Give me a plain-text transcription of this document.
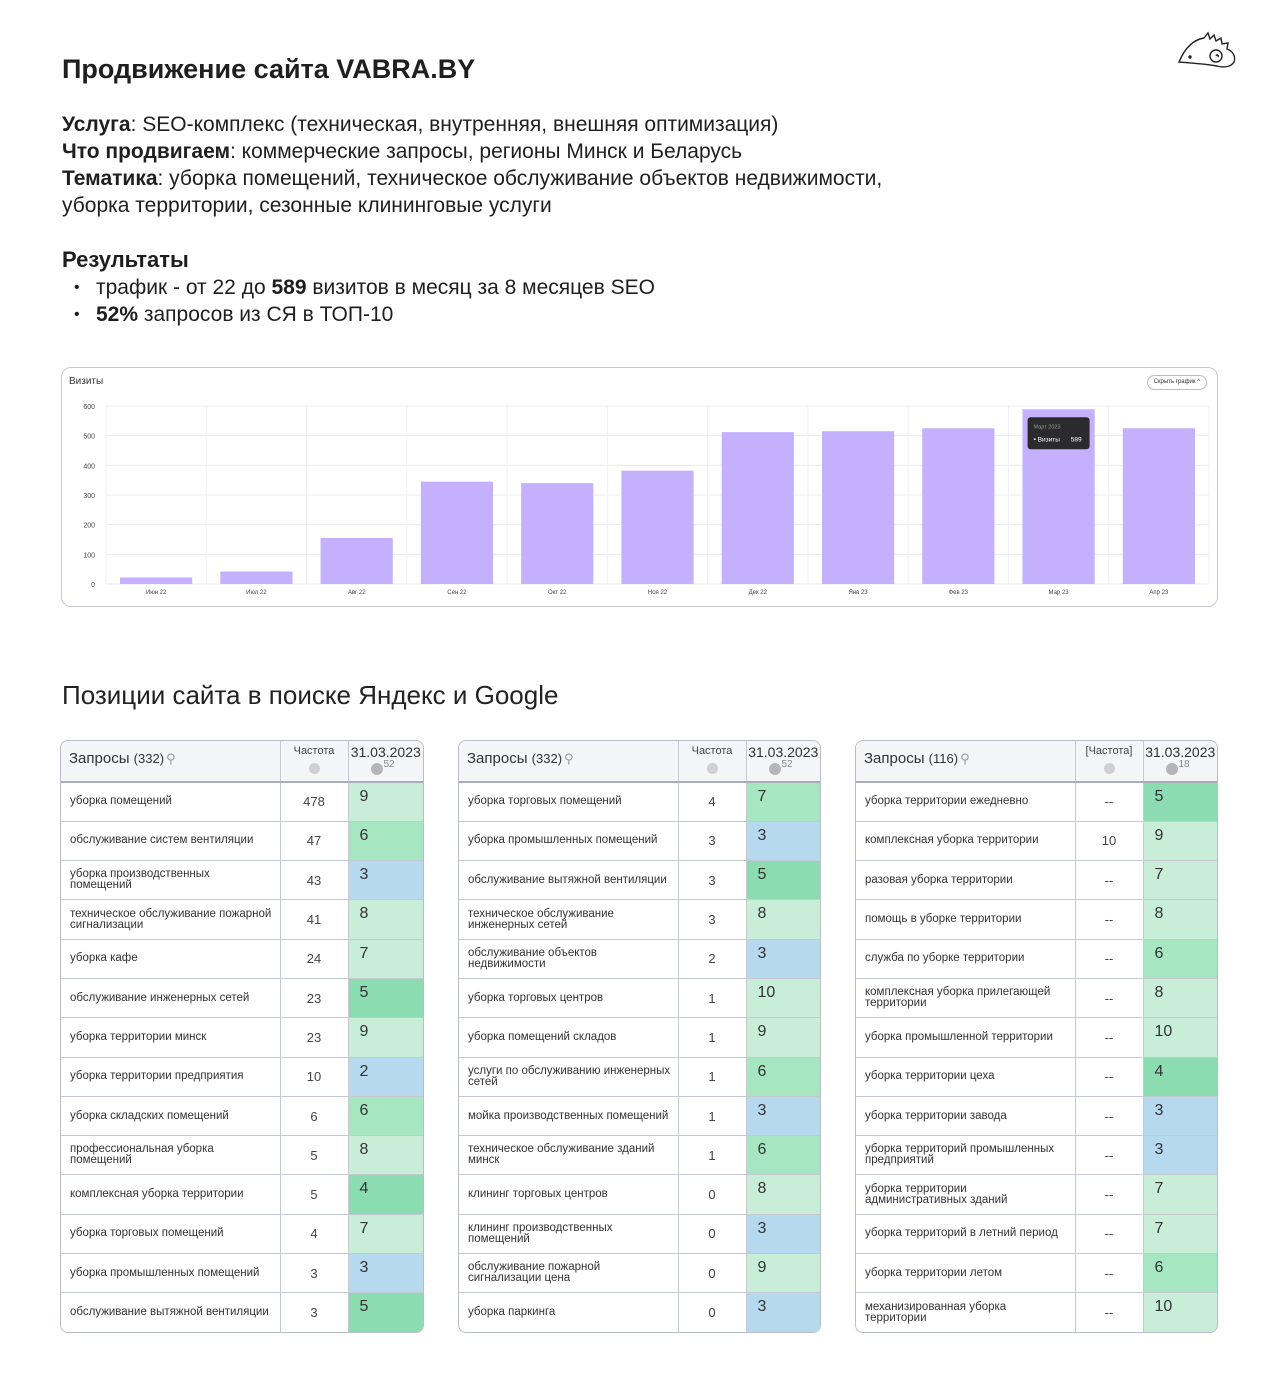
Продвижение сайта VABRA.BY
Услуга: SEO-комплекс (техническая, внутренняя, внешняя оптимизация)
Что продвигаем: коммерческие запросы, регионы Минск и Беларусь
Тематика: уборка помещений, техническое обслуживание объектов недвижимости,
уборка территории, сезонные клининговые услуги
Результаты
• трафик - от 22 до 589 визитов в месяц за 8 месяцев SEO
• 52% запросов из СЯ в ТОП-10
0
100
200
300
400
500
600
Июн 22	Июл 22	Авг 22	Сен 22	Окт 22	Ноя 22	Дек 22	Янв 23	Фев 23	Мар 23	Апр 23
Март 2023
• Визиты 589
Визиты	Скрыть график ^
Позиции сайта в поиске Яндекс и Google
Запросы (332) ⚲	Частота	31.03.2023
52

уборка помещений	478	9
обслуживание систем вентиляции	47	6
уборка производственных помещений	43	3
техническое обслуживание пожарной сигнализации	41	8
уборка кафе	24	7
обслуживание инженерных сетей	23	5
уборка территории минск	23	9
уборка территории предприятия	10	2
уборка складских помещений	6	6
профессиональная уборка помещений	5	8
комплексная уборка территории	5	4
уборка торговых помещений	4	7
уборка промышленных помещений	3	3
обслуживание вытяжной вентиляции	3	5
Запросы (332) ⚲	Частота	31.03.2023
52

уборка торговых помещений	4	7
уборка промышленных помещений	3	3
обслуживание вытяжной вентиляции	3	5
техническое обслуживание инженерных сетей	3	8
обслуживание объектов недвижимости	2	3
уборка торговых центров	1	10
уборка помещений складов	1	9
услуги по обслуживанию инженерных сетей	1	6
мойка производственных помещений	1	3
техническое обслуживание зданий минск	1	6
клининг торговых центров	0	8
клининг производственных помещений	0	3
обслуживание пожарной сигнализации цена	0	9
уборка паркинга	0	3
Запросы (116) ⚲	[Частота]	31.03.2023
18

уборка территории ежедневно	--	5
комплексная уборка территории	10	9
разовая уборка территории	--	7
помощь в уборке территории	--	8
служба по уборке территории	--	6
комплексная уборка прилегающей территории	--	8
уборка промышленной территории	--	10
уборка территории цеха	--	4
уборка территории завода	--	3
уборка территорий промышленных предприятий	--	3
уборка территории административных зданий	--	7
уборка территорий в летний период	--	7
уборка территории летом	--	6
механизированная уборка территории	--	10
